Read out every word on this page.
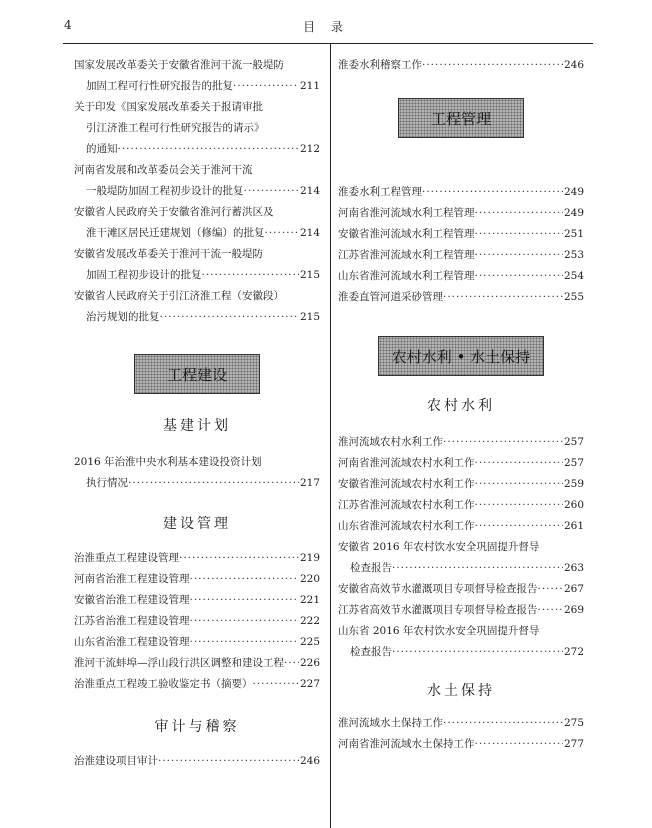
4	目 录
国家发展改革委关于安徽省淮河干流一般堤防
加固工程可行性研究报告的批复 ·····	211
关于印发《国家发展改革委关于报请审批
引江济淮工程可行性研究报告的请示》
的通知 ·····	212
河南省发展和改革委员会关于淮河干流
一般堤防加固工程初步设计的批复 ·····	214
安徽省人民政府关于安徽省淮河行蓄洪区及
淮干滩区居民迁建规划（修编）的批复 ·····	214
安徽省发展改革委关于淮河干流一般堤防
加固工程初步设计的批复 ·····	215
安徽省人民政府关于引江济淮工程（安徽段）
治污规划的批复 ·····	215
工程建设
基建计划
2016 年治淮中央水利基本建设投资计划
执行情况 ·····	217
建设管理
治淮重点工程建设管理 ·····	219
河南省治淮工程建设管理 ·····	220
安徽省治淮工程建设管理 ·····	221
江苏省治淮工程建设管理 ·····	222
山东省治淮工程建设管理 ·····	225
淮河干流蚌埠—浮山段行洪区调整和建设工程 ····· 226
治淮重点工程竣工验收鉴定书（摘要） ·····	227
审计与稽察
治淮建设项目审计 ·····	246
淮委水利稽察工作 ·····	246
工程管理
淮委水利工程管理 ·····	249
河南省淮河流域水利工程管理 ·····	249
安徽省淮河流域水利工程管理 ·····	251
江苏省淮河流域水利工程管理 ·····	253
山东省淮河流域水利工程管理 ·····	254
淮委直管河道采砂管理 ·····	255
农村水利 • 水土保持
农村水利
淮河流域农村水利工作 ·····	257
河南省淮河流域农村水利工作 ·····	257
安徽省淮河流域农村水利工作 ·····	259
江苏省淮河流域农村水利工作 ·····	260
山东省淮河流域农村水利工作 ·····	261
安徽省 2016 年农村饮水安全巩固提升督导
检查报告 ·····	263
安徽省高效节水灌溉项目专项督导检查报告 ·····	267
江苏省高效节水灌溉项目专项督导检查报告 ·····	269
山东省 2016 年农村饮水安全巩固提升督导
检查报告 ·····	272
水土保持
淮河流域水土保持工作 ·····	275
河南省淮河流域水土保持工作 ·····	277
